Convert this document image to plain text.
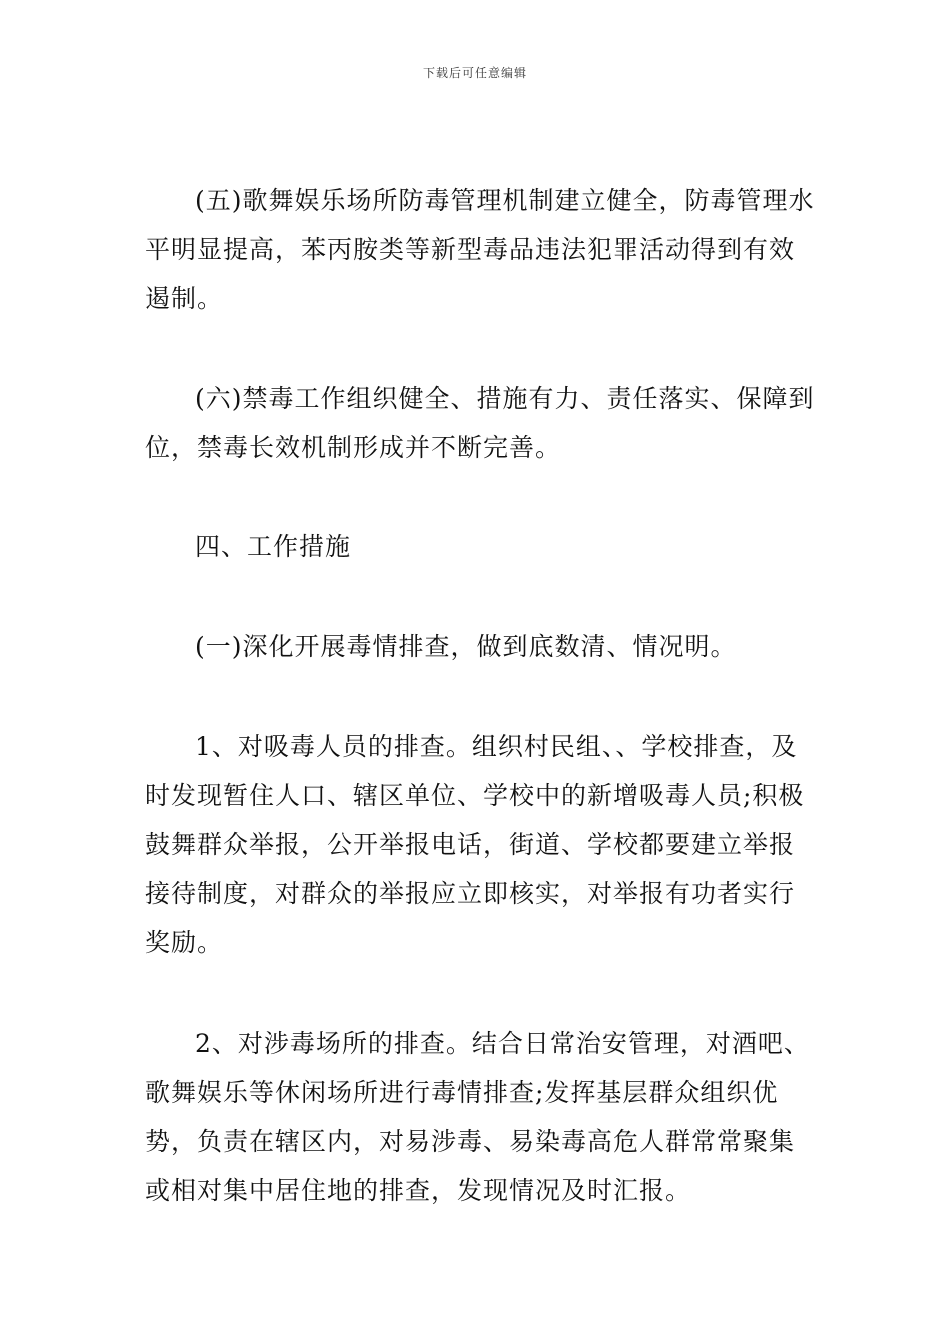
下载后可任意编辑

(五)歌舞娱乐场所防毒管理机制建立健全，防毒管理水平明显提高，苯丙胺类等新型毒品违法犯罪活动得到有效遏制。

(六)禁毒工作组织健全、措施有力、责任落实、保障到位，禁毒长效机制形成并不断完善。

四、工作措施

(一)深化开展毒情排查，做到底数清、情况明。

1、对吸毒人员的排查。组织村民组、、学校排查，及时发现暂住人口、辖区单位、学校中的新增吸毒人员;积极鼓舞群众举报，公开举报电话，街道、学校都要建立举报接待制度，对群众的举报应立即核实，对举报有功者实行奖励。

2、对涉毒场所的排查。结合日常治安管理，对酒吧、歌舞娱乐等休闲场所进行毒情排查;发挥基层群众组织优势，负责在辖区内，对易涉毒、易染毒高危人群常常聚集或相对集中居住地的排查，发现情况及时汇报。
